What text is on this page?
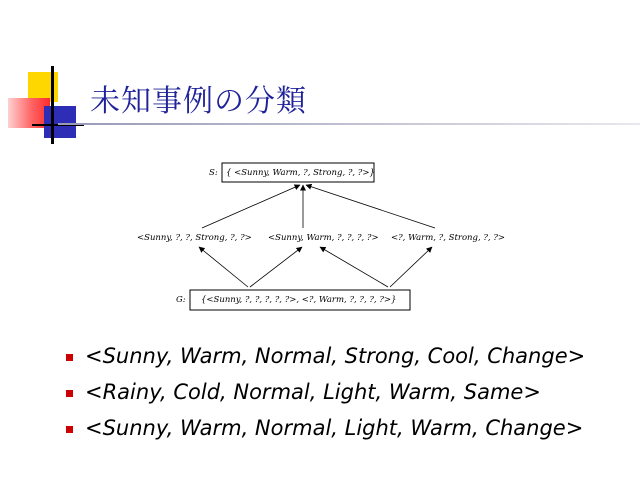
未知事例の分類
S: { <Sunny, Warm, ?, Strong, ?, ?>}
<Sunny, ?, ?, Strong, ?, ?> <Sunny, Warm, ?, ?, ?, ?> <?, Warm, ?, Strong, ?, ?>
G: {<Sunny, ?, ?, ?, ?, ?>, <?, Warm, ?, ?, ?, ?>}
<Sunny, Warm, Normal, Strong, Cool, Change>
<Rainy, Cold, Normal, Light, Warm, Same>
<Sunny, Warm, Normal, Light, Warm, Change>
